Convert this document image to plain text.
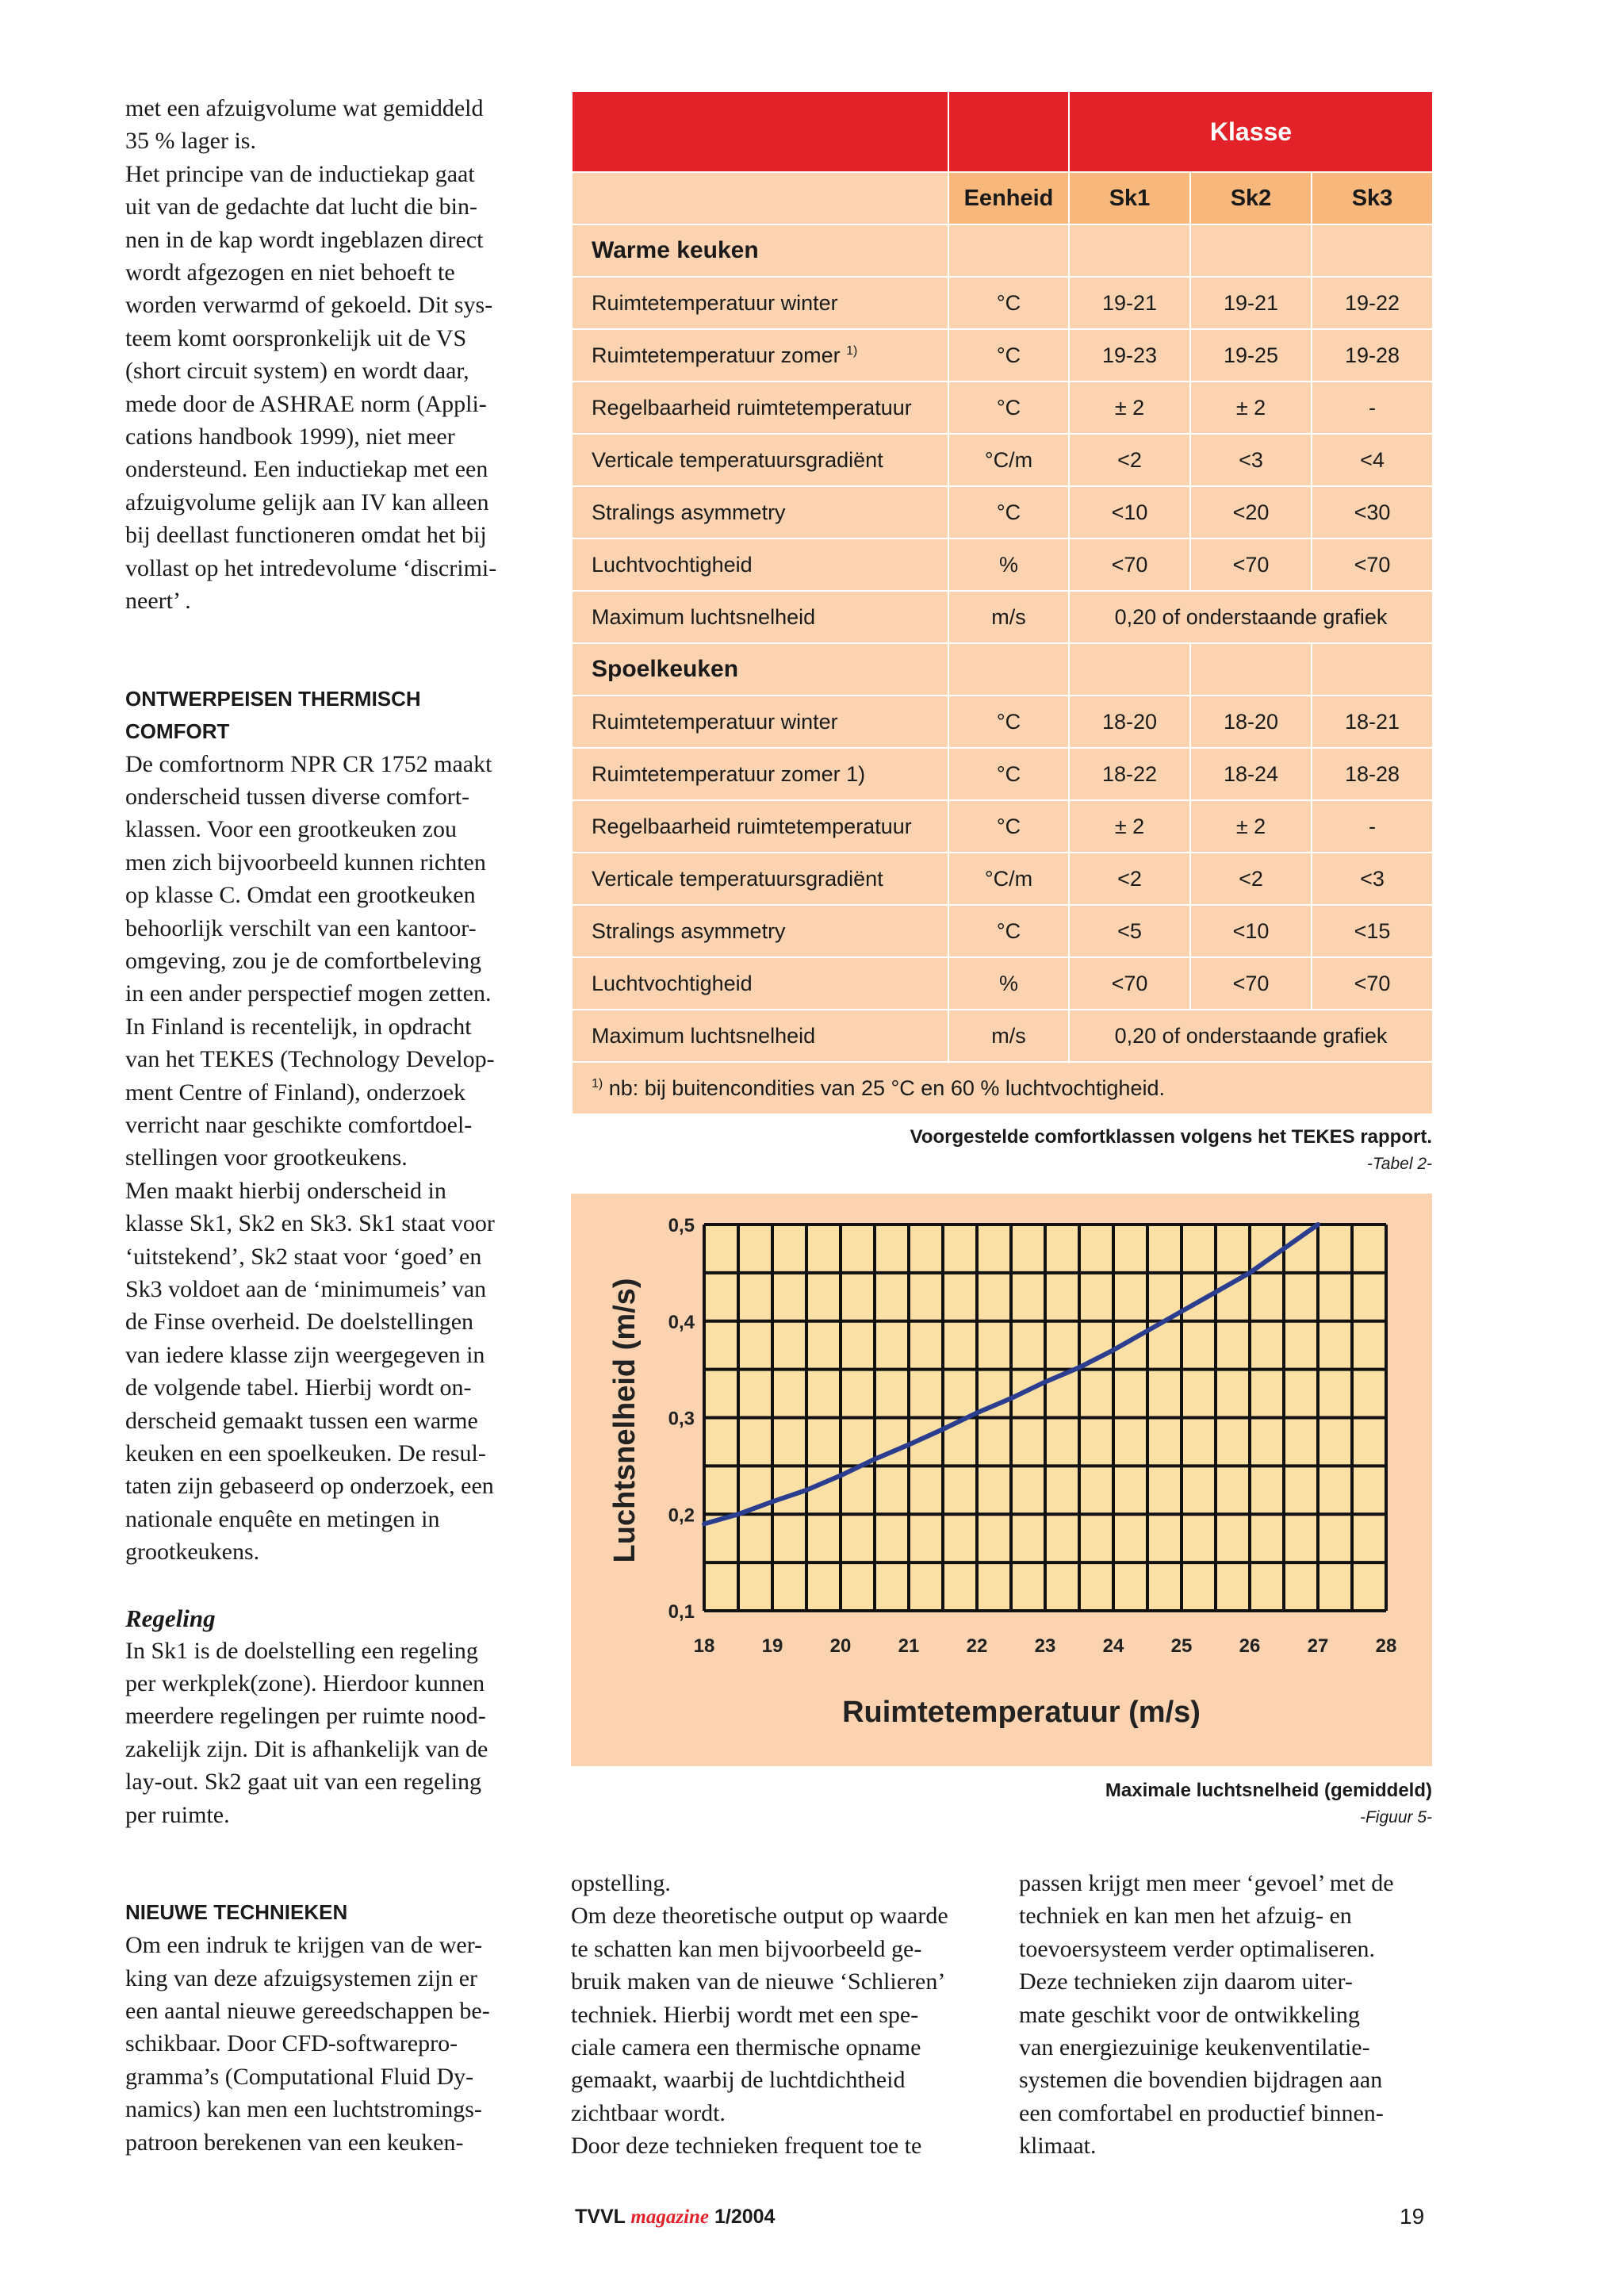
met een afzuigvolume wat gemiddeld
35 % lager is.
Het principe van de inductiekap gaat
uit van de gedachte dat lucht die bin-
nen in de kap wordt ingeblazen direct
wordt afgezogen en niet behoeft te
worden verwarmd of gekoeld. Dit sys-
teem komt oorspronkelijk uit de VS
(short circuit system) en wordt daar,
mede door de ASHRAE norm (Appli-
cations handbook 1999), niet meer
ondersteund. Een inductiekap met een
afzuigvolume gelijk aan IV kan alleen
bij deellast functioneren omdat het bij
vollast op het intredevolume ‘discrimi-
neert’ .
ONTWERPEISEN THERMISCH
COMFORT
De comfortnorm NPR CR 1752 maakt
onderscheid tussen diverse comfort-
klassen. Voor een grootkeuken zou
men zich bijvoorbeeld kunnen richten
op klasse C. Omdat een grootkeuken
behoorlijk verschilt van een kantoor-
omgeving, zou je de comfortbeleving
in een ander perspectief mogen zetten.
In Finland is recentelijk, in opdracht
van het TEKES (Technology Develop-
ment Centre of Finland), onderzoek
verricht naar geschikte comfortdoel-
stellingen voor grootkeukens.
Men maakt hierbij onderscheid in
klasse Sk1, Sk2 en Sk3. Sk1 staat voor
‘uitstekend’, Sk2 staat voor ‘goed’ en
Sk3 voldoet aan de ‘minimumeis’ van
de Finse overheid. De doelstellingen
van iedere klasse zijn weergegeven in
de volgende tabel. Hierbij wordt on-
derscheid gemaakt tussen een warme
keuken en een spoelkeuken. De resul-
taten zijn gebaseerd op onderzoek, een
nationale enquête en metingen in
grootkeukens.
Regeling
In Sk1 is de doelstelling een regeling
per werkplek(zone). Hierdoor kunnen
meerdere regelingen per ruimte nood-
zakelijk zijn. Dit is afhankelijk van de
lay-out. Sk2 gaat uit van een regeling
per ruimte.
NIEUWE TECHNIEKEN
Om een indruk te krijgen van de wer-
king van deze afzuigsystemen zijn er
een aantal nieuwe gereedschappen be-
schikbaar. Door CFD-softwarepro-
gramma’s (Computational Fluid Dy-
namics) kan men een luchtstromings-
patroon berekenen van een keuken-
		Klasse		
	Eenheid	Sk1	Sk2	Sk3
Warme keuken				
Ruimtetemperatuur winter	°C	19-21	19-21	19-22
Ruimtetemperatuur zomer $^{1)}$	°C	19-23	19-25	19-28
Regelbaarheid ruimtetemperatuur	°C	± 2	± 2	-
Verticale temperatuursgradiënt	°C/m	<2	<3	<4
Stralings asymmetry	°C	<10	<20	<30
Luchtvochtigheid	%	<70	<70	<70
Maximum luchtsnelheid	m/s	0,20 of onderstaande grafiek		
Spoelkeuken				
Ruimtetemperatuur winter	°C	18-20	18-20	18-21
Ruimtetemperatuur zomer 1)	°C	18-22	18-24	18-28
Regelbaarheid ruimtetemperatuur	°C	± 2	± 2	-
Verticale temperatuursgradiënt	°C/m	<2	<2	<3
Stralings asymmetry	°C	<5	<10	<15
Luchtvochtigheid	%	<70	<70	<70
Maximum luchtsnelheid	m/s	0,20 of onderstaande grafiek		
$^{1)}$ nb: bij buitencondities van 25 °C en 60 % luchtvochtigheid.				

Voorgestelde comfortklassen volgens het TEKES rapport.

-Tabel 2-

0,1
0,2
0,3
0,4
0,5
18 19 20 21 22 23 24 25 26 27 28
Ruimtetemperatuur (m/s)
Luchtsnelheid (m/s)

Maximale luchtsnelheid (gemiddeld)

-Figuur 5-

opstelling.
Om deze theoretische output op waarde
te schatten kan men bijvoorbeeld ge-
bruik maken van de nieuwe ‘Schlieren’
techniek. Hierbij wordt met een spe-
ciale camera een thermische opname
gemaakt, waarbij de luchtdichtheid
zichtbaar wordt.
Door deze technieken frequent toe te
passen krijgt men meer ‘gevoel’ met de
techniek en kan men het afzuig- en
toevoersysteem verder optimaliseren.
Deze technieken zijn daarom uiter-
mate geschikt voor de ontwikkeling
van energiezuinige keukenventilatie-
systemen die bovendien bijdragen aan
een comfortabel en productief binnen-
klimaat.
TVVL magazine 1/2004	19
